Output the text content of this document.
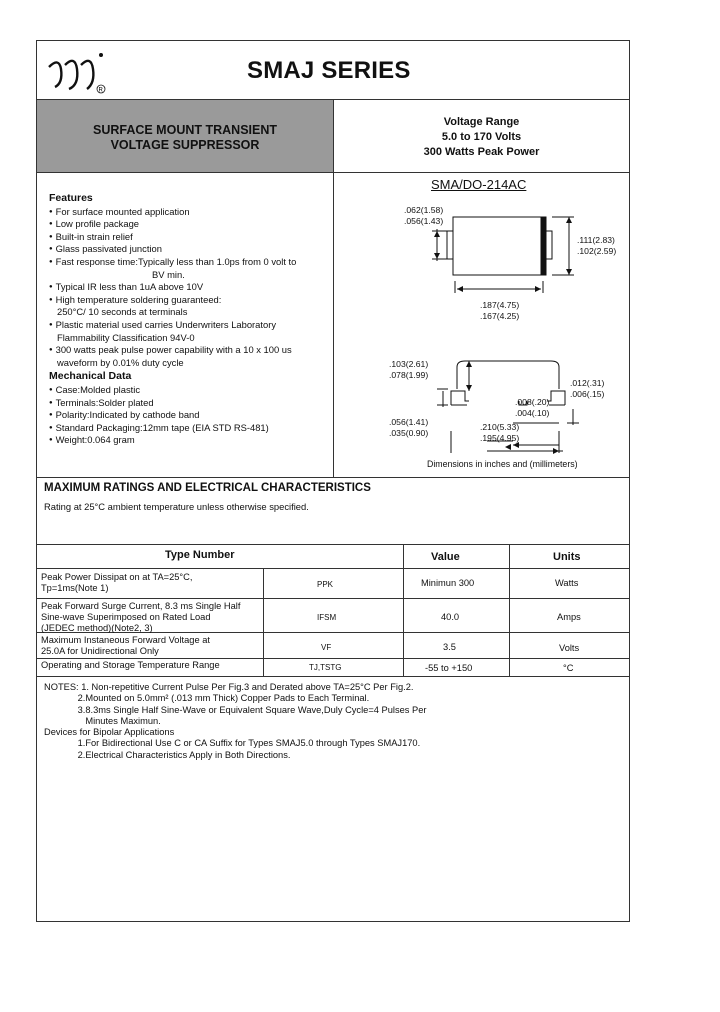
R
SMAJ SERIES
SURFACE MOUNT TRANSIENT
VOLTAGE SUPPRESSOR
Voltage Range
5.0 to 170 Volts
300 Watts Peak Power
Features
● For surface mounted application
● Low profile package
● Built-in strain relief
● Glass passivated junction
● Fast response time:Typically less than 1.0ps from 0 volt to
BV min.
● Typical IR less than 1uA above 10V
● High temperature soldering guaranteed:
250°C/ 10 seconds at terminals
● Plastic material used carries Underwriters Laboratory
Flammability Classification 94V-0
● 300 watts peak pulse power capability with a 10 x 100 us
waveform by 0.01% duty cycle
Mechanical Data
● Case:Molded plastic
● Terminals:Solder plated
● Polarity:Indicated by cathode band
● Standard Packaging:12mm tape (EIA STD RS-481)
● Weight:0.064 gram
SMA/DO-214AC
.062(1.58)
.056(1.43)
.111(2.83)
.102(2.59)
.187(4.75)
.167(4.25)
.103(2.61)
.078(1.99)
.012(.31)
.006(.15)
.008(.20)
.004(.10)
.056(1.41)
.035(0.90)
.210(5.33)
.195(4.95)
Dimensions in inches and (millimeters)
MAXIMUM RATINGS AND ELECTRICAL CHARACTERISTICS
Rating at 25°C ambient temperature unless otherwise specified.
Type Number	Value	Units
Peak Power Dissipat on at TA=25°C,
Tp=1ms(Note 1)	PPK	Minimun 300	Watts
Peak Forward Surge Current, 8.3 ms Single Half
Sine-wave Superimposed on Rated Load
(JEDEC method)(Note2, 3)
IFSM	40.0	Amps
Maximum Instaneous Forward Voltage at
25.0A for Unidirectional Only	VF	3.5	Volts
Operating and Storage Temperature Range	TJ,TSTG	-55 to +150	°C
NOTES: 1. Non-repetitive Current Pulse Per Fig.3 and Derated above TA=25°C Per Fig.2.
2.Mounted on 5.0mm² (.013 mm Thick) Copper Pads to Each Terminal.
3.8.3ms Single Half Sine-Wave or Equivalent Square Wave,Duly Cycle=4 Pulses Per
Minutes Maximun.
Devices for Bipolar Applications
1.For Bidirectional Use C or CA Suffix for Types SMAJ5.0 through Types SMAJ170.
2.Electrical Characteristics Apply in Both Directions.
